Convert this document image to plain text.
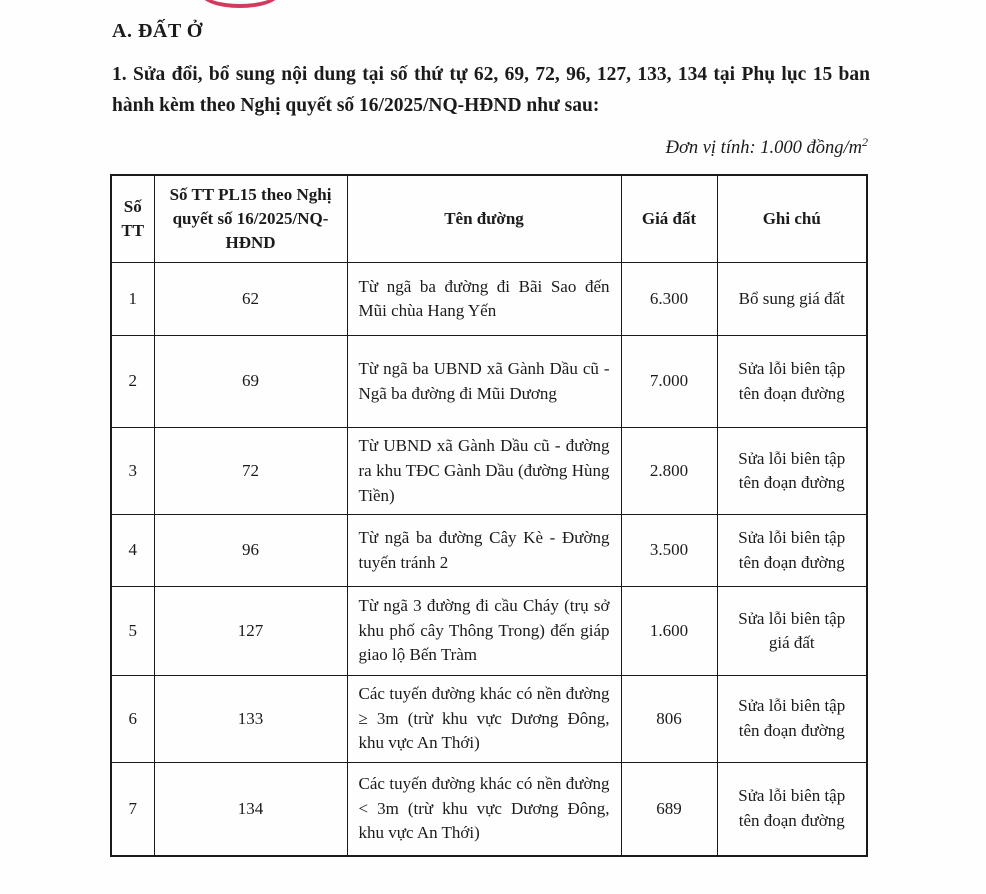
A. ĐẤT Ở

1. Sửa đổi, bổ sung nội dung tại số thứ tự 62, 69, 72, 96, 127, 133, 134 tại Phụ lục 15 ban hành kèm theo Nghị quyết số 16/2025/NQ-HĐND như sau:

Đơn vị tính: 1.000 đồng/$m^2$

Số TT	Số TT PL15 theo Nghị quyết số 16/2025/NQ-HĐND	Tên đường	Giá đất	Ghi chú
1	62	Từ ngã ba đường đi Bãi Sao đến Mũi chùa Hang Yến	6.300	Bổ sung giá đất
2	69	Từ ngã ba UBND xã Gành Dầu cũ - Ngã ba đường đi Mũi Dương	7.000	Sửa lỗi biên tập tên đoạn đường
3	72	Từ UBND xã Gành Dầu cũ - đường ra khu TĐC Gành Dầu (đường Hùng Tiền)	2.800	Sửa lỗi biên tập tên đoạn đường
4	96	Từ ngã ba đường Cây Kè - Đường tuyến tránh 2	3.500	Sửa lỗi biên tập tên đoạn đường
5	127	Từ ngã 3 đường đi cầu Cháy (trụ sở khu phố cây Thông Trong) đến giáp giao lộ Bến Tràm	1.600	Sửa lỗi biên tập giá đất
6	133	Các tuyến đường khác có nền đường ≥ 3m (trừ khu vực Dương Đông, khu vực An Thới)	806	Sửa lỗi biên tập tên đoạn đường
7	134	Các tuyến đường khác có nền đường < 3m (trừ khu vực Dương Đông, khu vực An Thới)	689	Sửa lỗi biên tập tên đoạn đường
